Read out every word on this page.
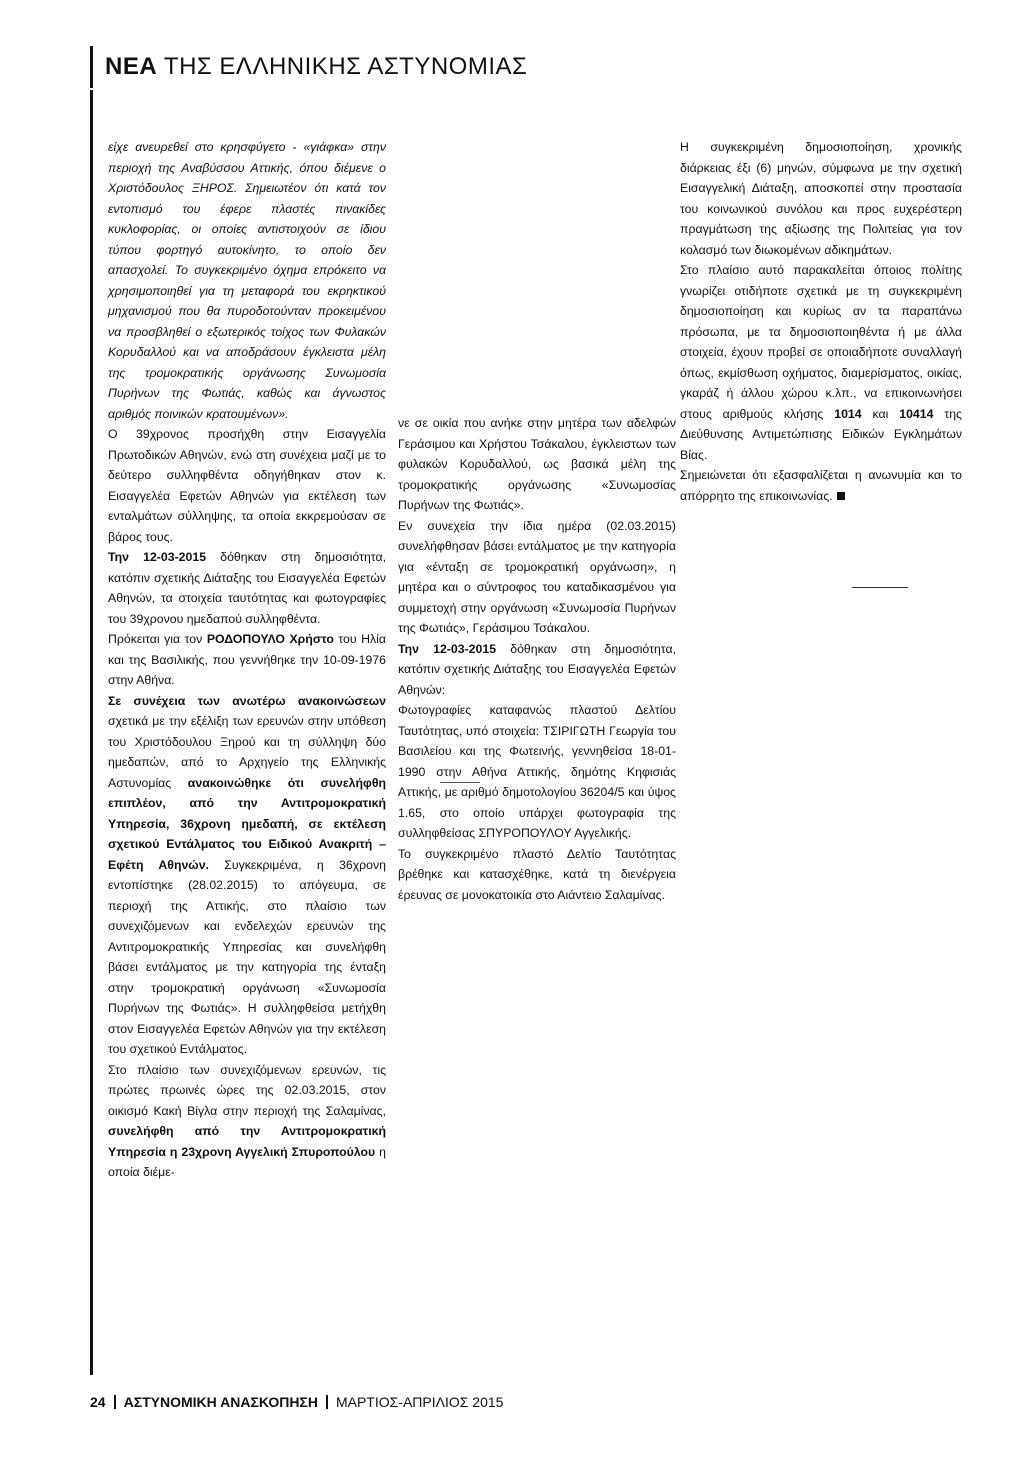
ΝΕΑ ΤΗΣ ΕΛΛΗΝΙΚΗΣ ΑΣΤΥΝΟΜΙΑΣ

είχε ανευρεθεί στο κρησφύγετο - «γιάφκα» στην περιοχή της Αναβύσσου Αττικής, όπου διέμενε ο Χριστόδουλος ΞΗΡΟΣ. Σημειωτέον ότι κατά τον εντοπισμό του έφερε πλαστές πινακίδες κυκλοφορίας, οι οποίες αντιστοιχούν σε ίδιου τύπου φορτηγό αυτοκίνητο, το οποίο δεν απασχολεί. Το συγκεκριμένο όχημα επρόκειτο να χρησιμοποιηθεί για τη μεταφορά του εκρηκτικού μηχανισμού που θα πυροδοτούνταν προκειμένου να προσβληθεί ο εξωτερικός τοίχος των Φυλακών Κορυδαλλού και να αποδράσουν έγκλειστα μέλη της τρομοκρατικής οργάνωσης Συνωμοσία Πυρήνων της Φωτιάς, καθώς και άγνωστος αριθμός ποινικών κρατουμένων».

Ο 39χρονος προσήχθη στην Εισαγγελία Πρωτοδικών Αθηνών, ενώ στη συνέχεια μαζί με το δεύτερο συλληφθέντα οδηγήθηκαν στον κ. Εισαγγελέα Εφετών Αθηνών για εκτέλεση των ενταλμάτων σύλληψης, τα οποία εκκρεμούσαν σε βάρος τους.

Την 12-03-2015 δόθηκαν στη δημοσιότητα, κατόπιν σχετικής Διάταξης του Εισαγγελέα Εφετών Αθηνών, τα στοιχεία ταυτότητας και φωτογραφίες του 39χρονου ημεδαπού συλληφθέντα.

Πρόκειται για τον ΡΟΔΟΠΟΥΛΟ Χρήστο του Ηλία και της Βασιλικής, που γεννήθηκε την 10-09-1976 στην Αθήνα.

Σε συνέχεια των ανωτέρω ανακοινώσεων σχετικά με την εξέλιξη των ερευνών στην υπόθεση του Χριστόδουλου Ξηρού και τη σύλληψη δύο ημεδαπών, από το Αρχηγείο της Ελληνικής Αστυνομίας ανακοινώθηκε ότι συνελήφθη επιπλέον, από την Αντιτρομοκρατική Υπηρεσία, 36χρονη ημεδαπή, σε εκτέλεση σχετικού Εντάλματος του Ειδικού Ανακριτή – Εφέτη Αθηνών. Συγκεκριμένα, η 36χρονη εντοπίστηκε (28.02.2015) το απόγευμα, σε περιοχή της Αττικής, στο πλαίσιο των συνεχιζόμενων και ενδελεχών ερευνών της Αντιτρομοκρατικής Υπηρεσίας και συνελήφθη βάσει εντάλματος με την κατηγορία της ένταξη στην τρομοκρατική οργάνωση «Συνωμοσία Πυρήνων της Φωτιάς». Η συλληφθείσα μετήχθη στον Εισαγγελέα Εφετών Αθηνών για την εκτέλεση του σχετικού Εντάλματος.

Στο πλαίσιο των συνεχιζόμενων ερευνών, τις πρώτες πρωινές ώρες της 02.03.2015, στον οικισμό Κακή Βίγλα στην περιοχή της Σαλαμίνας, συνελήφθη από την Αντιτρομοκρατική Υπηρεσία η 23χρονη Αγγελική Σπυροπούλου η οποία διέμε-

νε σε οικία που ανήκε στην μητέρα των αδελφών Γεράσιμου και Χρήστου Τσάκαλου, έγκλειστων των φυλακών Κορυδαλλού, ως βασικά μέλη της τρομοκρατικής οργάνωσης «Συνωμοσίας Πυρήνων της Φωτιάς».

Εν συνεχεία την ίδια ημέρα (02.03.2015) συνελήφθησαν βάσει εντάλματος με την κατηγορία για «ένταξη σε τρομοκρατική οργάνωση», η μητέρα και ο σύντροφος του καταδικασμένου για συμμετοχή στην οργάνωση «Συνωμοσία Πυρήνων της Φωτιάς», Γεράσιμου Τσάκαλου.

Την 12-03-2015 δόθηκαν στη δημοσιότητα, κατόπιν σχετικής Διάταξης του Εισαγγελέα Εφετών Αθηνών:

Φωτογραφίες καταφανώς πλαστού Δελτίου Ταυτότητας, υπό στοιχεία: ΤΣΙΡΙΓΩΤΗ Γεωργία του Βασιλείου και της Φωτεινής, γεννηθείσα 18-01-1990 στην Αθήνα Αττικής, δημότης Κηφισιάς Αττικής, με αριθμό δημοτολογίου 36204/5 και ύψος 1.65, στο οποίο υπάρχει φωτογραφία της συλληφθείσας ΣΠΥΡΟΠΟΥΛΟΥ Αγγελικής.

Το συγκεκριμένο πλαστό Δελτίο Ταυτότητας βρέθηκε και κατασχέθηκε, κατά τη διενέργεια έρευνας σε μονοκατοικία στο Αιάντειο Σαλαμίνας.

Η συγκεκριμένη δημοσιοποίηση, χρονικής διάρκειας έξι (6) μηνών, σύμφωνα με την σχετική Εισαγγελική Διάταξη, αποσκοπεί στην προστασία του κοινωνικού συνόλου και προς ευχερέστερη πραγμάτωση της αξίωσης της Πολιτείας για τον κολασμό των διωκομένων αδικημάτων.

Στο πλαίσιο αυτό παρακαλείται όποιος πολίτης γνωρίζει οτιδήποτε σχετικά με τη συγκεκριμένη δημοσιοποίηση και κυρίως αν τα παραπάνω πρόσωπα, με τα δημοσιοποιηθέντα ή με άλλα στοιχεία, έχουν προβεί σε οποιαδήποτε συναλλαγή όπως, εκμίσθωση οχήματος, διαμερίσματος, οικίας, γκαράζ ή άλλου χώρου κ.λπ., να επικοινωνήσει στους αριθμούς κλήσης 1014 και 10414 της Διεύθυνσης Αντιμετώπισης Ειδικών Εγκλημάτων Βίας.

Σημειώνεται ότι εξασφαλίζεται η ανωνυμία και το απόρρητο της επικοινωνίας.

24 ΑΣΤΥΝΟΜΙΚΗ ΑΝΑΣΚΟΠΗΣΗ ΜΑΡΤΙΟΣ-ΑΠΡΙΛΙΟΣ 2015
